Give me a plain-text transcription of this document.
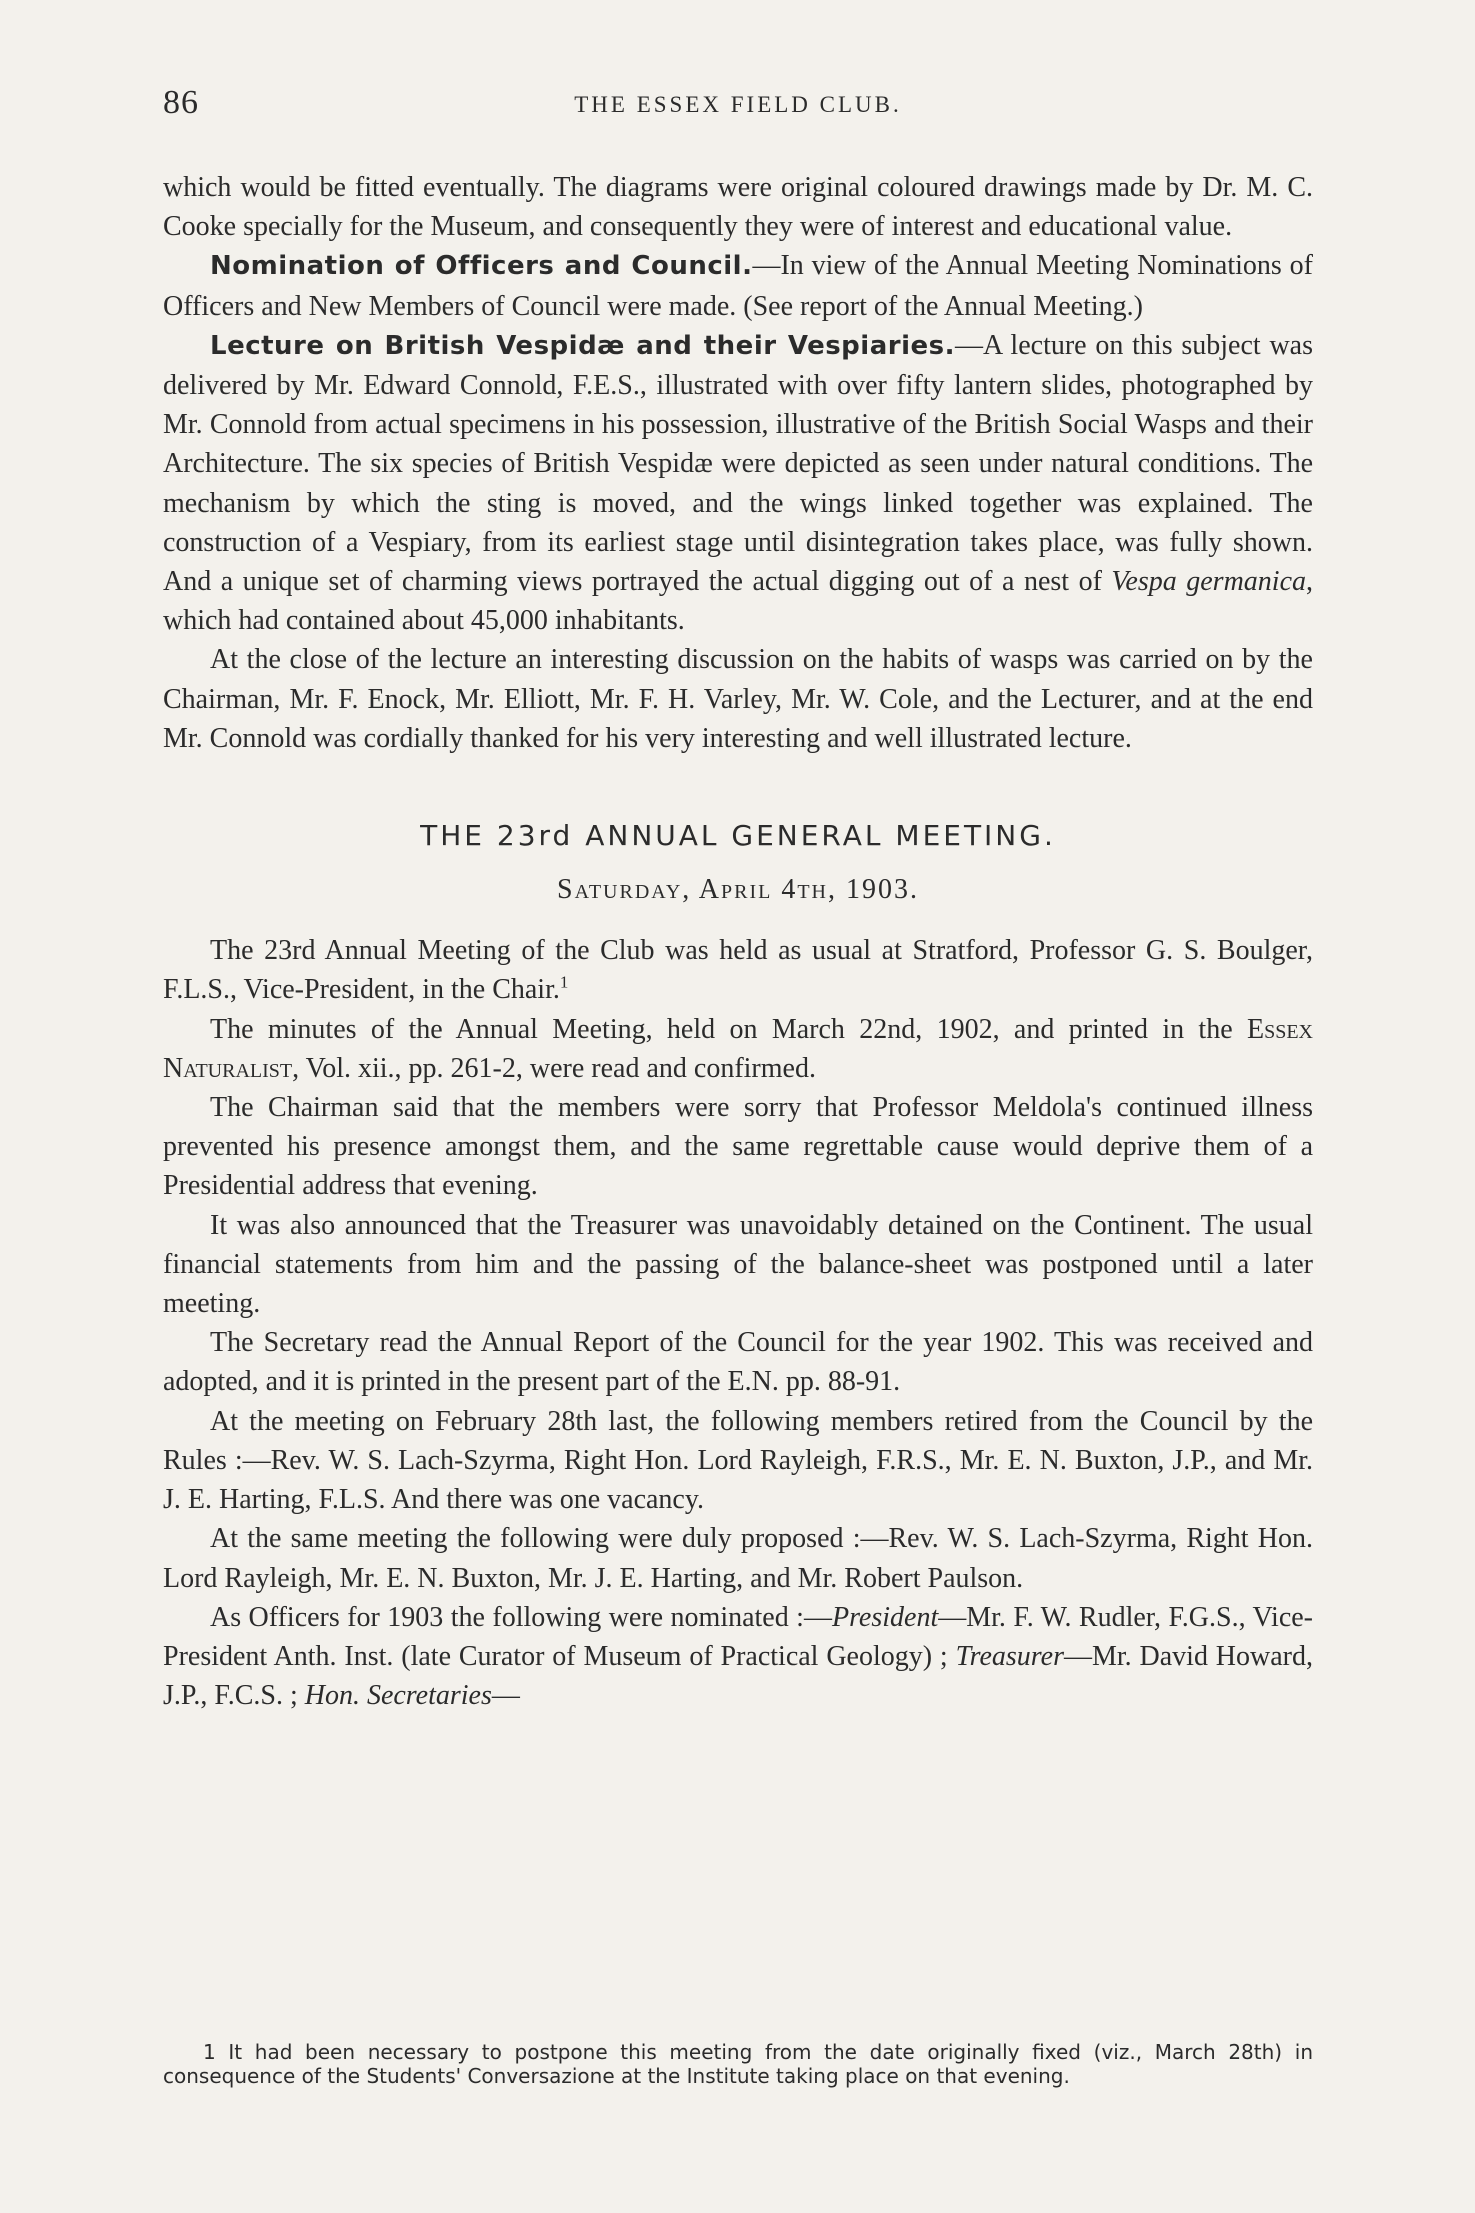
86	THE ESSEX FIELD CLUB.

which would be fitted eventually. The diagrams were original coloured drawings made by Dr. M. C. Cooke specially for the Museum, and consequently they were of interest and educational value.

Nomination of Officers and Council.—In view of the Annual Meeting Nominations of Officers and New Members of Council were made. (See report of the Annual Meeting.)

Lecture on British Vespidæ and their Vespiaries.—A lecture on this subject was delivered by Mr. Edward Connold, F.E.S., illustrated with over fifty lantern slides, photographed by Mr. Connold from actual specimens in his possession, illustrative of the British Social Wasps and their Architecture. The six species of British Vespidæ were depicted as seen under natural conditions. The mechanism by which the sting is moved, and the wings linked together was explained. The construction of a Vespiary, from its earliest stage until disintegration takes place, was fully shown. And a unique set of charming views portrayed the actual digging out of a nest of Vespa germanica, which had contained about 45,000 inhabitants.

At the close of the lecture an interesting discussion on the habits of wasps was carried on by the Chairman, Mr. F. Enock, Mr. Elliott, Mr. F. H. Varley, Mr. W. Cole, and the Lecturer, and at the end Mr. Connold was cordially thanked for his very interesting and well illustrated lecture.

THE 23rd ANNUAL GENERAL MEETING.
Saturday, April 4th, 1903.

The 23rd Annual Meeting of the Club was held as usual at Stratford, Professor G. S. Boulger, F.L.S., Vice-President, in the Chair.$^1$

The minutes of the Annual Meeting, held on March 22nd, 1902, and printed in the Essex Naturalist, Vol. xii., pp. 261-2, were read and confirmed.

The Chairman said that the members were sorry that Professor Meldola's continued illness prevented his presence amongst them, and the same regrettable cause would deprive them of a Presidential address that evening.

It was also announced that the Treasurer was unavoidably detained on the Continent. The usual financial statements from him and the passing of the balance-sheet was postponed until a later meeting.

The Secretary read the Annual Report of the Council for the year 1902. This was received and adopted, and it is printed in the present part of the E.N. pp. 88-91.

At the meeting on February 28th last, the following members retired from the Council by the Rules :—Rev. W. S. Lach-Szyrma, Right Hon. Lord Rayleigh, F.R.S., Mr. E. N. Buxton, J.P., and Mr. J. E. Harting, F.L.S. And there was one vacancy.

At the same meeting the following were duly proposed :—Rev. W. S. Lach-Szyrma, Right Hon. Lord Rayleigh, Mr. E. N. Buxton, Mr. J. E. Harting, and Mr. Robert Paulson.

As Officers for 1903 the following were nominated :—President—Mr. F. W. Rudler, F.G.S., Vice-President Anth. Inst. (late Curator of Museum of Practical Geology) ; Treasurer—Mr. David Howard, J.P., F.C.S. ; Hon. Secretaries—

1 It had been necessary to postpone this meeting from the date originally fixed (viz., March 28th) in consequence of the Students' Conversazione at the Institute taking place on that evening.
